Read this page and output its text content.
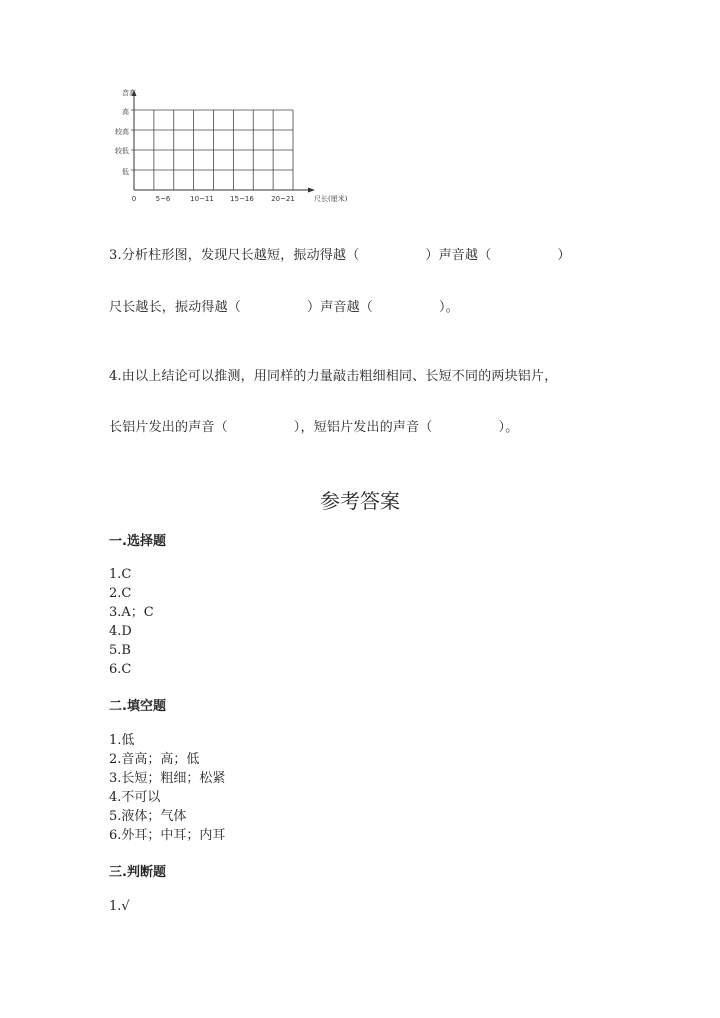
音高
高
较高
较低
低
0	5~6	10~11 15~16 20~21	尺长(厘米)
3.分析柱形图，发现尺长越短，振动得越（　　　　　）声音越（　　　　　）
尺长越长，振动得越（　　　　　）声音越（　　　　　）。
4.由以上结论可以推测，用同样的力量敲击粗细相同、长短不同的两块铝片，
长铝片发出的声音（　　　　　），短铝片发出的声音（　　　　　）。
参考答案
一.选择题
1.C
2.C
3.A；C
4.D
5.B
6.C
二.填空题
1.低
2.音高；高；低
3.长短；粗细；松紧
4.不可以
5.液体；气体
6.外耳；中耳；内耳
三.判断题
1.√
